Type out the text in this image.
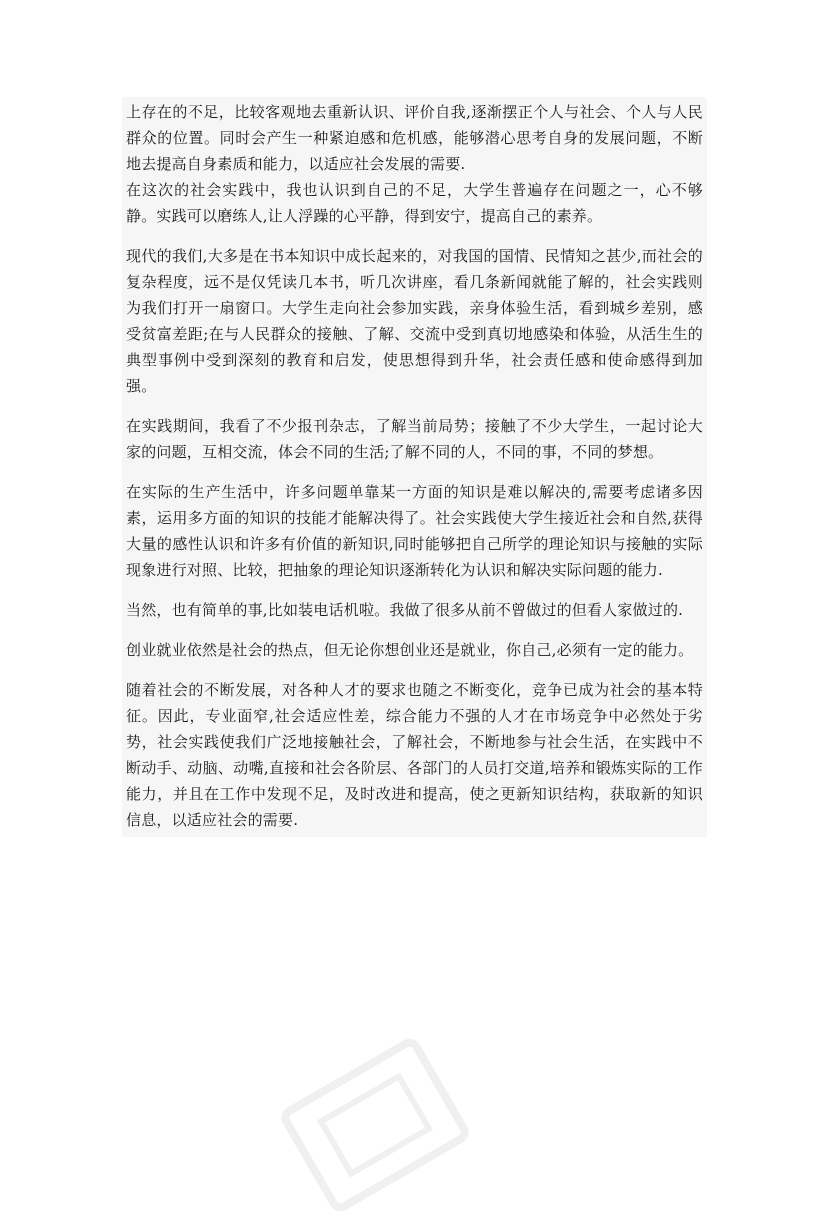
上存在的不足，比较客观地去重新认识、评价自我,逐渐摆正个人与社会、个人与人民群众的位置。同时会产生一种紧迫感和危机感，能够潜心思考自身的发展问题，不断地去提高自身素质和能力，以适应社会发展的需要.

在这次的社会实践中，我也认识到自己的不足，大学生普遍存在问题之一，心不够静。实践可以磨练人,让人浮躁的心平静，得到安宁，提高自己的素养。

现代的我们,大多是在书本知识中成长起来的，对我国的国情、民情知之甚少,而社会的复杂程度，远不是仅凭读几本书，听几次讲座，看几条新闻就能了解的，社会实践则为我们打开一扇窗口。大学生走向社会参加实践，亲身体验生活，看到城乡差别，感受贫富差距;在与人民群众的接触、了解、交流中受到真切地感染和体验，从活生生的典型事例中受到深刻的教育和启发，使思想得到升华，社会责任感和使命感得到加强。

在实践期间，我看了不少报刊杂志，了解当前局势；接触了不少大学生，一起讨论大家的问题，互相交流，体会不同的生活;了解不同的人，不同的事，不同的梦想。

在实际的生产生活中，许多问题单靠某一方面的知识是难以解决的,需要考虑诸多因素，运用多方面的知识的技能才能解决得了。社会实践使大学生接近社会和自然,获得大量的感性认识和许多有价值的新知识,同时能够把自己所学的理论知识与接触的实际现象进行对照、比较，把抽象的理论知识逐渐转化为认识和解决实际问题的能力.

当然，也有简单的事,比如装电话机啦。我做了很多从前不曾做过的但看人家做过的.

创业就业依然是社会的热点，但无论你想创业还是就业，你自己,必须有一定的能力。

随着社会的不断发展，对各种人才的要求也随之不断变化，竞争已成为社会的基本特征。因此，专业面窄,社会适应性差，综合能力不强的人才在市场竞争中必然处于劣势，社会实践使我们广泛地接触社会，了解社会，不断地参与社会生活，在实践中不断动手、动脑、动嘴,直接和社会各阶层、各部门的人员打交道,培养和锻炼实际的工作能力，并且在工作中发现不足，及时改进和提高，使之更新知识结构，获取新的知识信息，以适应社会的需要.
